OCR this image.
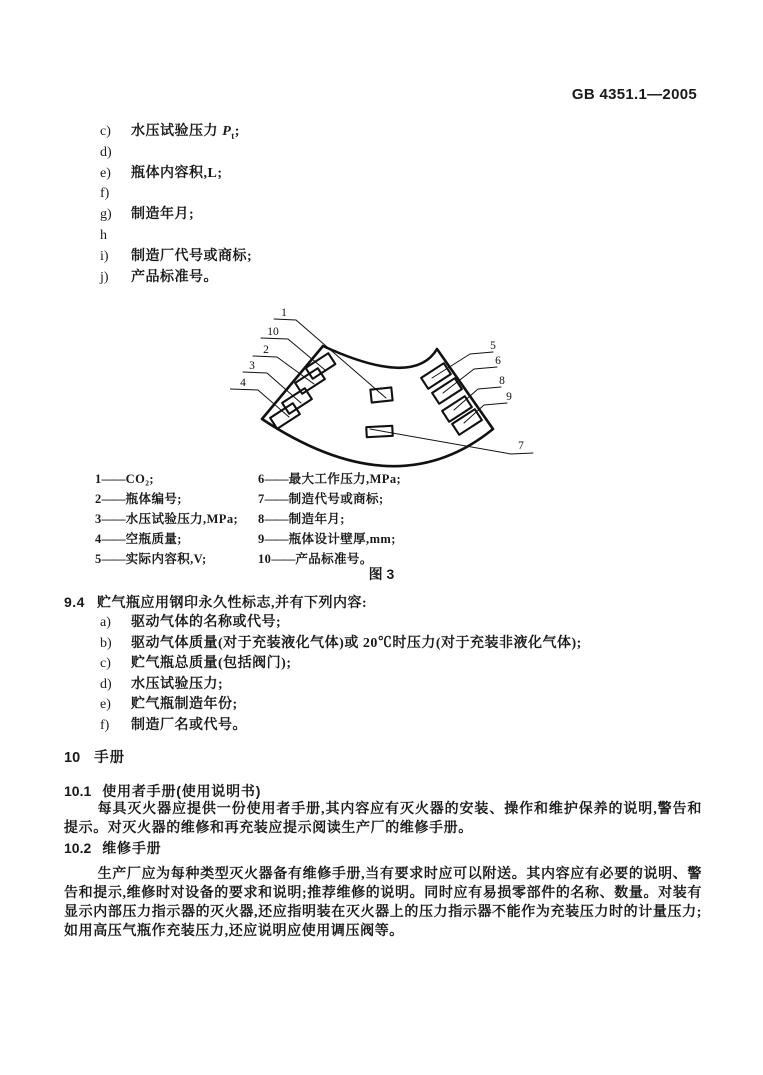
GB 4351.1—2005
c)	水压试验压力 $P_t$;
d)
e)	瓶体内容积,L;
f)
g)	制造年月;
h
i)	制造厂代号或商标;
j)	产品标准号。
1
10
2
3
4
5
6
8
9
7
1——CO₂;
2——瓶体编号;
3——水压试验压力,MPa;
4——空瓶质量;
5——实际内容积,V;
6——最大工作压力,MPa;
7——制造代号或商标;
8——制造年月;
9——瓶体设计壁厚,mm;
10——产品标准号。
图 3
9.4 贮气瓶应用钢印永久性标志,并有下列内容:
a)	驱动气体的名称或代号;
b)	驱动气体质量(对于充装液化气体)或 20℃时压力(对于充装非液化气体);
c)	贮气瓶总质量(包括阀门);
d)	水压试验压力;
e)	贮气瓶制造年份;
f)	制造厂名或代号。
10 手册
10.1 使用者手册(使用说明书)
每具灭火器应提供一份使用者手册,其内容应有灭火器的安装、操作和维护保养的说明,警告和提示。对灭火器的维修和再充装应提示阅读生产厂的维修手册。
10.2 维修手册
生产厂应为每种类型灭火器备有维修手册,当有要求时应可以附送。其内容应有必要的说明、警告和提示,维修时对设备的要求和说明;推荐维修的说明。同时应有易损零部件的名称、数量。对装有显示内部压力指示器的灭火器,还应指明装在灭火器上的压力指示器不能作为充装压力时的计量压力;如用高压气瓶作充装压力,还应说明应使用调压阀等。
